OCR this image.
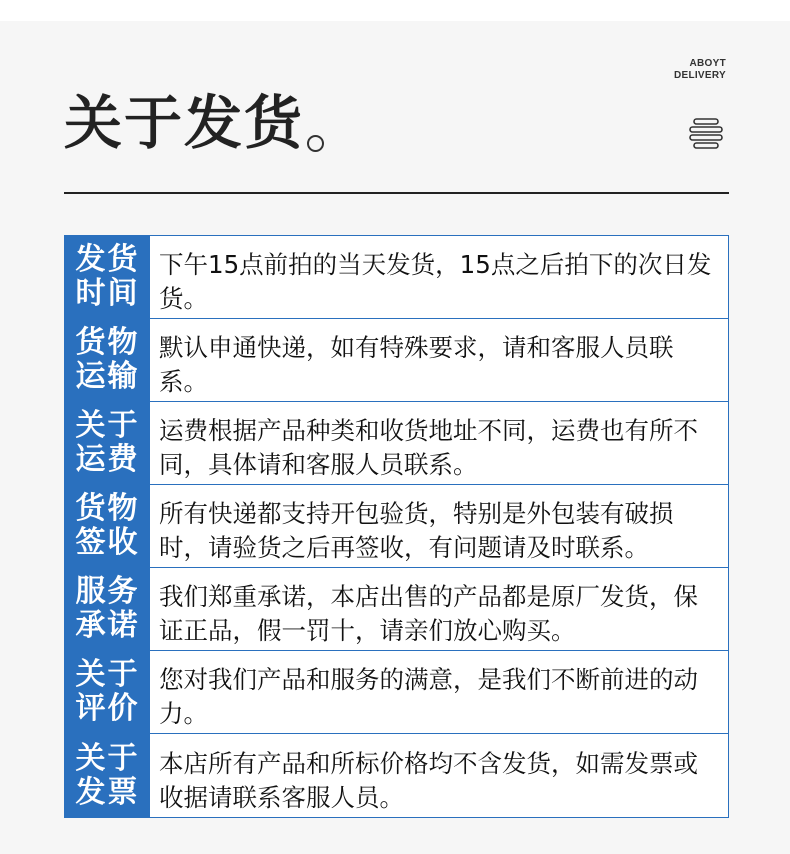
关于发货
ABOYT
DELIVERY
发货
时间

下午15点前拍的当天发货，15点之后拍下的次日发货。

货物
运输

默认申通快递，如有特殊要求，请和客服人员联系。

关于
运费

运费根据产品种类和收货地址不同，运费也有所不同，具体请和客服人员联系。

货物
签收

所有快递都支持开包验货，特别是外包装有破损时，请验货之后再签收，有问题请及时联系。

服务
承诺

我们郑重承诺，本店出售的产品都是原厂发货，保证正品，假一罚十，请亲们放心购买。

关于
评价

您对我们产品和服务的满意，是我们不断前进的动力。

关于
发票

本店所有产品和所标价格均不含发货，如需发票或收据请联系客服人员。
